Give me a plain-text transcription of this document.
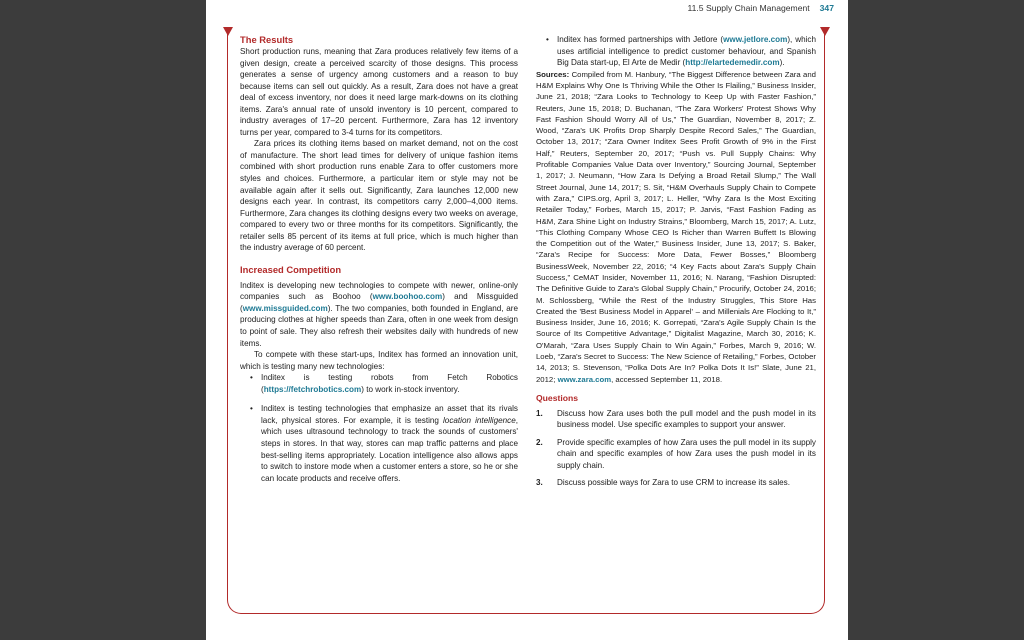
11.5 Supply Chain Management 347
The Results

Short production runs, meaning that Zara produces relatively few items of a given design, create a perceived scarcity of those designs. This process generates a sense of urgency among customers and a reason to buy because items can sell out quickly. As a result, Zara does not have a great deal of excess inventory, nor does it need large mark-downs on its clothing items. Zara's annual rate of unsold inventory is 10 percent, compared to industry averages of 17–20 percent. Furthermore, Zara has 12 inventory turns per year, compared to 3-4 turns for its competitors.

Zara prices its clothing items based on market demand, not on the cost of manufacture. The short lead times for delivery of unique fashion items combined with short production runs enable Zara to offer customers more styles and choices. Furthermore, a particular item or style may not be available again after it sells out. Significantly, Zara launches 12,000 new designs each year. In contrast, its competitors carry 2,000–4,000 items. Furthermore, Zara changes its clothing designs every two weeks on average, compared to every two or three months for its competitors. Significantly, the retailer sells 85 percent of its items at full price, which is much higher than the industry average of 60 percent.

Increased Competition

Inditex is developing new technologies to compete with newer, online-only companies such as Boohoo (www.boohoo.com) and Missguided (www.missguided.com). The two companies, both founded in England, are producing clothes at higher speeds than Zara, often in one week from design to point of sale. They also refresh their websites daily with hundreds of new items.

To compete with these start-ups, Inditex has formed an innovation unit, which is testing many new technologies:

• Inditex is testing robots from Fetch Robotics (https://fetchrobotics.com) to work in-stock inventory.
• Inditex is testing technologies that emphasize an asset that its rivals lack, physical stores. For example, it is testing location intelligence, which uses ultrasound technology to track the sounds of customers' steps in stores. In that way, stores can map traffic patterns and place best-selling items appropriately. Location intelligence also allows apps to switch to instore mode when a customer enters a store, so he or she can locate products and receive offers.
• Inditex has formed partnerships with Jetlore (www.jetlore.com), which uses artificial intelligence to predict customer behaviour, and Spanish Big Data start-up, El Arte de Medir (http://elartedemedir.com).

Sources: Compiled from M. Hanbury, “The Biggest Difference between Zara and H&M Explains Why One Is Thriving While the Other Is Flailing,” Business Insider, June 21, 2018; “Zara Looks to Technology to Keep Up with Faster Fashion,” Reuters, June 15, 2018; D. Buchanan, “The Zara Workers' Protest Shows Why Fast Fashion Should Worry All of Us,” The Guardian, November 8, 2017; Z. Wood, “Zara's UK Profits Drop Sharply Despite Record Sales,” The Guardian, October 13, 2017; “Zara Owner Inditex Sees Profit Growth of 9% in the First Half,” Reuters, September 20, 2017; “Push vs. Pull Supply Chains: Why Profitable Companies Value Data over Inventory,” Sourcing Journal, September 1, 2017; J. Neumann, “How Zara Is Defying a Broad Retail Slump,” The Wall Street Journal, June 14, 2017; S. Sit, “H&M Overhauls Supply Chain to Compete with Zara,” CIPS.org, April 3, 2017; L. Heller, “Why Zara Is the Most Exciting Retailer Today,” Forbes, March 15, 2017; P. Jarvis, “Fast Fashion Fading as H&M, Zara Shine Light on Industry Strains,” Bloomberg, March 15, 2017; A. Lutz, “This Clothing Company Whose CEO Is Richer than Warren Buffett Is Blowing the Competition out of the Water,” Business Insider, June 13, 2017; S. Baker, “Zara's Recipe for Success: More Data, Fewer Bosses,” Bloomberg BusinessWeek, November 22, 2016; “4 Key Facts about Zara's Supply Chain Success,” CeMAT Insider, November 11, 2016; N. Narang, “Fashion Disrupted: The Definitive Guide to Zara's Global Supply Chain,” Procurify, October 24, 2016; M. Schlossberg, “While the Rest of the Industry Struggles, This Store Has Created the 'Best Business Model in Apparel' – and Millenials Are Flocking to It,” Business Insider, June 16, 2016; K. Gorrepati, “Zara's Agile Supply Chain Is the Source of Its Competitive Advantage,” Digitalist Magazine, March 30, 2016; K. O'Marah, “Zara Uses Supply Chain to Win Again,” Forbes, March 9, 2016; W. Loeb, “Zara's Secret to Success: The New Science of Retailing,” Forbes, October 14, 2013; S. Stevenson, “Polka Dots Are In? Polka Dots It Is!” Slate, June 21, 2012; www.zara.com, accessed September 11, 2018.

Questions
1. Discuss how Zara uses both the pull model and the push model in its business model. Use specific examples to support your answer.
2. Provide specific examples of how Zara uses the pull model in its supply chain and specific examples of how Zara uses the push model in its supply chain.
3. Discuss possible ways for Zara to use CRM to increase its sales.
